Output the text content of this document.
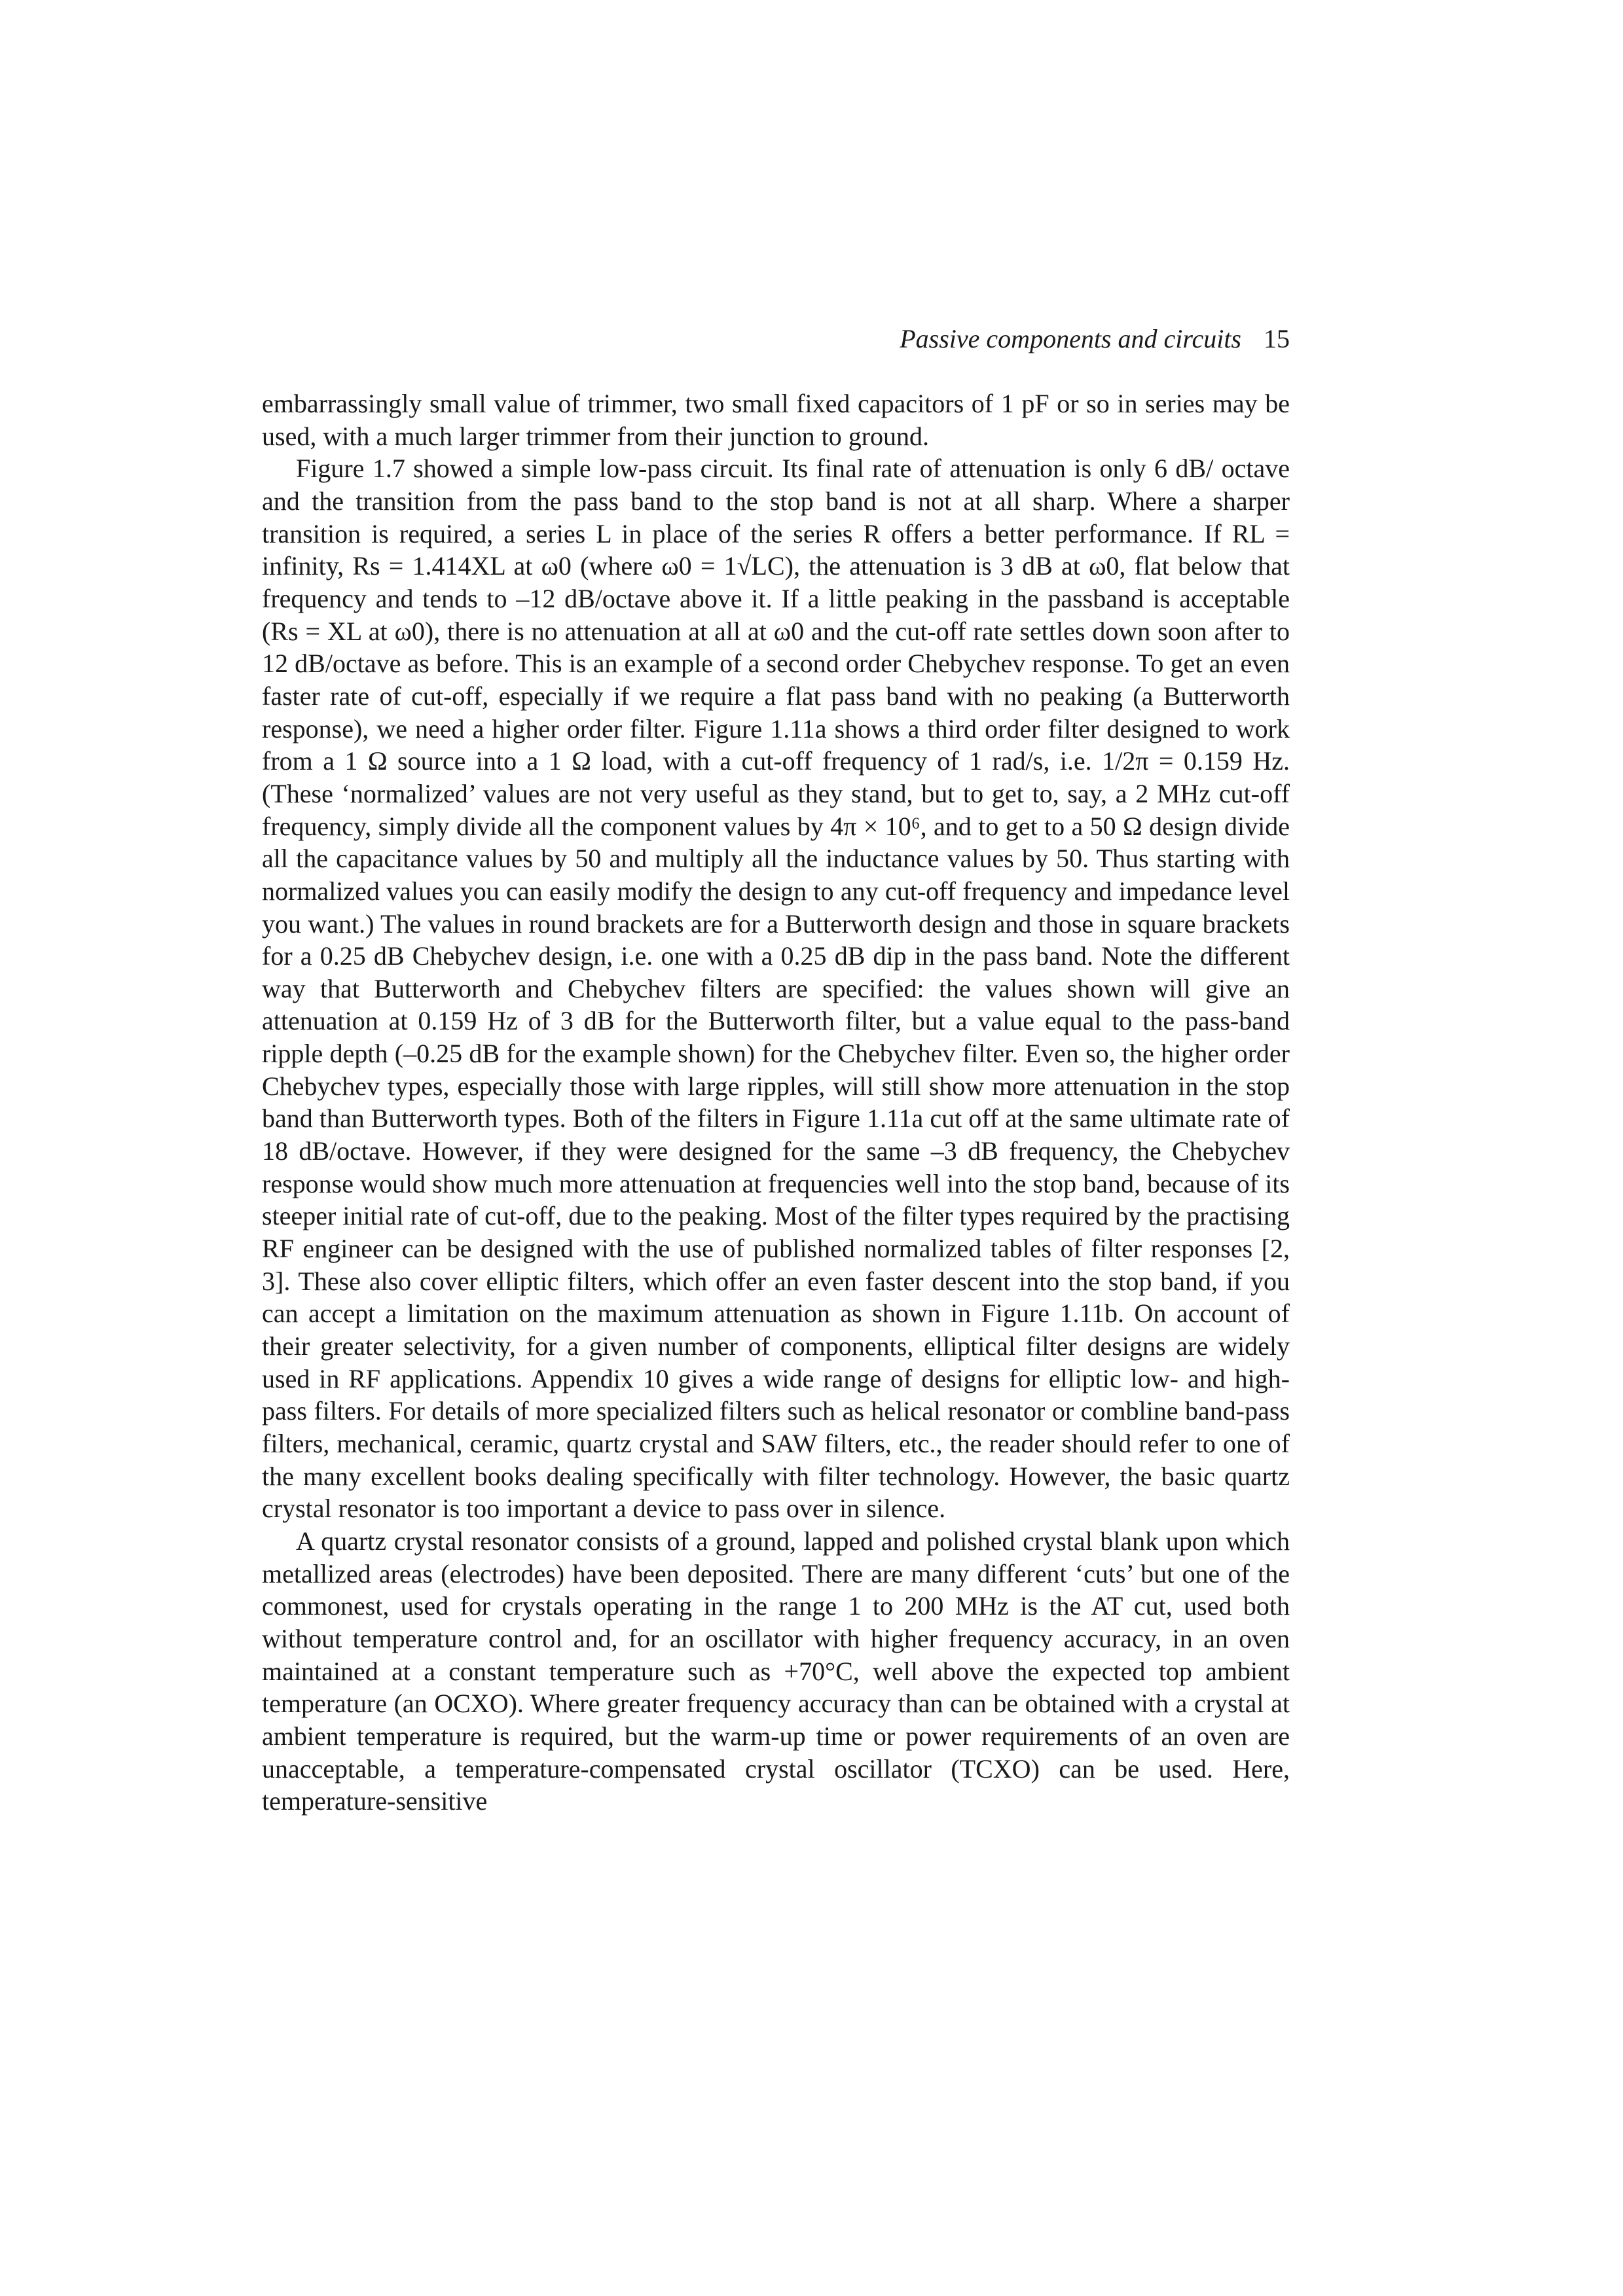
Passive components and circuits 15

embarrassingly small value of trimmer, two small fixed capacitors of 1 pF or so in series may be used, with a much larger trimmer from their junction to ground.

Figure 1.7 showed a simple low-pass circuit. Its final rate of attenuation is only 6 dB/ octave and the transition from the pass band to the stop band is not at all sharp. Where a sharper transition is required, a series L in place of the series R offers a better performance. If RL = infinity, Rs = 1.414XL at ω0 (where ω0 = 1√LC), the attenuation is 3 dB at ω0, flat below that frequency and tends to –12 dB/octave above it. If a little peaking in the passband is acceptable (Rs = XL at ω0), there is no attenuation at all at ω0 and the cut-off rate settles down soon after to 12 dB/octave as before. This is an example of a second order Chebychev response. To get an even faster rate of cut-off, especially if we require a flat pass band with no peaking (a Butterworth response), we need a higher order filter. Figure 1.11a shows a third order filter designed to work from a 1 Ω source into a 1 Ω load, with a cut-off frequency of 1 rad/s, i.e. 1/2π = 0.159 Hz. (These ‘normalized’ values are not very useful as they stand, but to get to, say, a 2 MHz cut-off frequency, simply divide all the component values by 4π × 10⁶, and to get to a 50 Ω design divide all the capacitance values by 50 and multiply all the inductance values by 50. Thus starting with normalized values you can easily modify the design to any cut-off frequency and impedance level you want.) The values in round brackets are for a Butterworth design and those in square brackets for a 0.25 dB Chebychev design, i.e. one with a 0.25 dB dip in the pass band. Note the different way that Butterworth and Chebychev filters are specified: the values shown will give an attenuation at 0.159 Hz of 3 dB for the Butterworth filter, but a value equal to the pass-band ripple depth (–0.25 dB for the example shown) for the Chebychev filter. Even so, the higher order Chebychev types, especially those with large ripples, will still show more attenuation in the stop band than Butterworth types. Both of the filters in Figure 1.11a cut off at the same ultimate rate of 18 dB/octave. However, if they were designed for the same –3 dB frequency, the Chebychev response would show much more attenuation at frequencies well into the stop band, because of its steeper initial rate of cut-off, due to the peaking. Most of the filter types required by the practising RF engineer can be designed with the use of published normalized tables of filter responses [2, 3]. These also cover elliptic filters, which offer an even faster descent into the stop band, if you can accept a limitation on the maximum attenuation as shown in Figure 1.11b. On account of their greater selectivity, for a given number of components, elliptical filter designs are widely used in RF applications. Appendix 10 gives a wide range of designs for elliptic low- and high-pass filters. For details of more specialized filters such as helical resonator or combline band-pass filters, mechanical, ceramic, quartz crystal and SAW filters, etc., the reader should refer to one of the many excellent books dealing specifically with filter technology. However, the basic quartz crystal resonator is too important a device to pass over in silence.

A quartz crystal resonator consists of a ground, lapped and polished crystal blank upon which metallized areas (electrodes) have been deposited. There are many different ‘cuts’ but one of the commonest, used for crystals operating in the range 1 to 200 MHz is the AT cut, used both without temperature control and, for an oscillator with higher frequency accuracy, in an oven maintained at a constant temperature such as +70°C, well above the expected top ambient temperature (an OCXO). Where greater frequency accuracy than can be obtained with a crystal at ambient temperature is required, but the warm-up time or power requirements of an oven are unacceptable, a temperature-compensated crystal oscillator (TCXO) can be used. Here, temperature-sensitive
